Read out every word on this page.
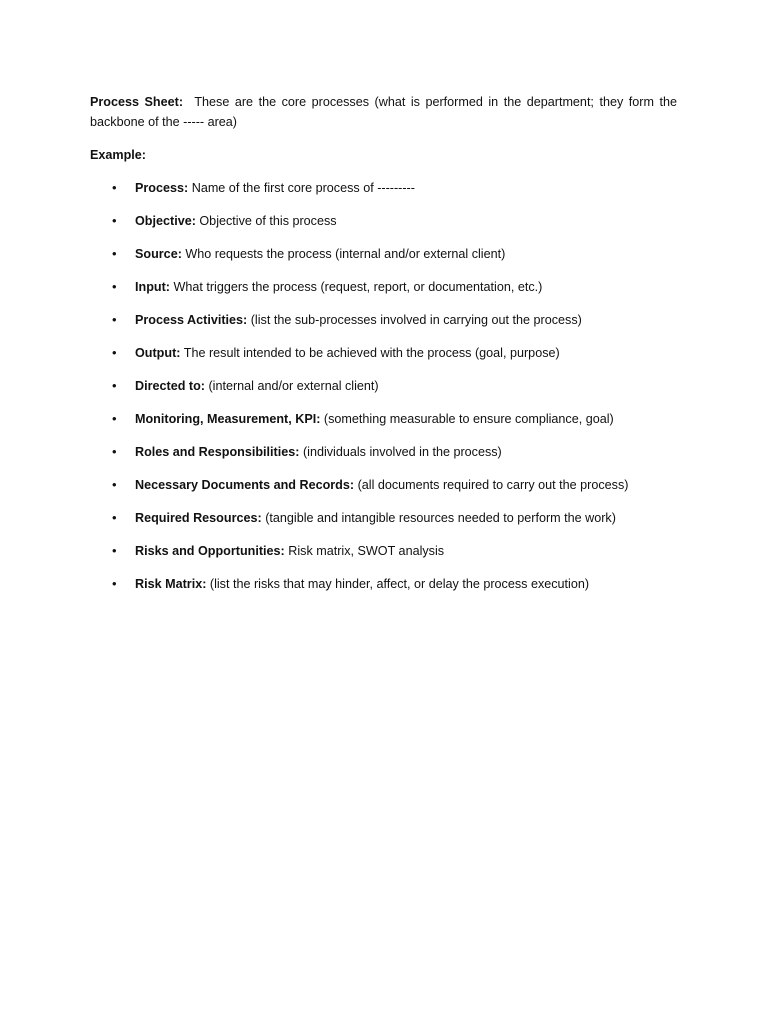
Process Sheet: These are the core processes (what is performed in the department; they form the backbone of the ----- area)

Example:

• Process: Name of the first core process of ---------
• Objective: Objective of this process
• Source: Who requests the process (internal and/or external client)
• Input: What triggers the process (request, report, or documentation, etc.)
• Process Activities: (list the sub-processes involved in carrying out the process)
• Output: The result intended to be achieved with the process (goal, purpose)
• Directed to: (internal and/or external client)
• Monitoring, Measurement, KPI: (something measurable to ensure compliance, goal)
• Roles and Responsibilities: (individuals involved in the process)
• Necessary Documents and Records: (all documents required to carry out the process)
• Required Resources: (tangible and intangible resources needed to perform the work)
• Risks and Opportunities: Risk matrix, SWOT analysis
• Risk Matrix: (list the risks that may hinder, affect, or delay the process execution)
